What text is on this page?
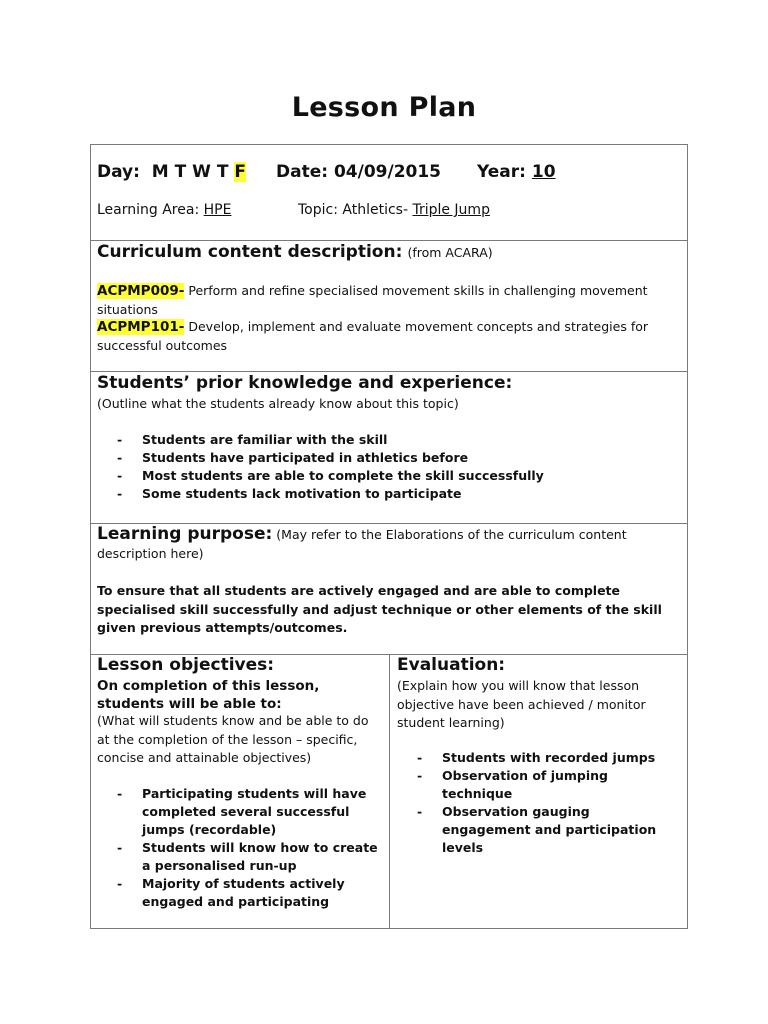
Lesson Plan
Day: M T W T F Date: 04/09/2015 Year: 10
Learning Area: HPE	Topic: Athletics- Triple Jump
Curriculum content description: (from ACARA)
ACPMP009- Perform and refine specialised movement skills in challenging movement situations
ACPMP101- Develop, implement and evaluate movement concepts and strategies for successful outcomes
Students’ prior knowledge and experience:
(Outline what the students already know about this topic)
- Students are familiar with the skill
- Students have participated in athletics before
- Most students are able to complete the skill successfully
- Some students lack motivation to participate
Learning purpose: (May refer to the Elaborations of the curriculum content description here)
To ensure that all students are actively engaged and are able to complete specialised skill successfully and adjust technique or other elements of the skill given previous attempts/outcomes.
Lesson objectives:
On completion of this lesson, students will be able to:
(What will students know and be able to do at the completion of the lesson – specific, concise and attainable objectives)
- Participating students will have completed several successful jumps (recordable)
- Students will know how to create a personalised run-up
- Majority of students actively engaged and participating
Evaluation:
(Explain how you will know that lesson objective have been achieved / monitor student learning)
- Students with recorded jumps
- Observation of jumping technique
- Observation gauging engagement and participation levels
